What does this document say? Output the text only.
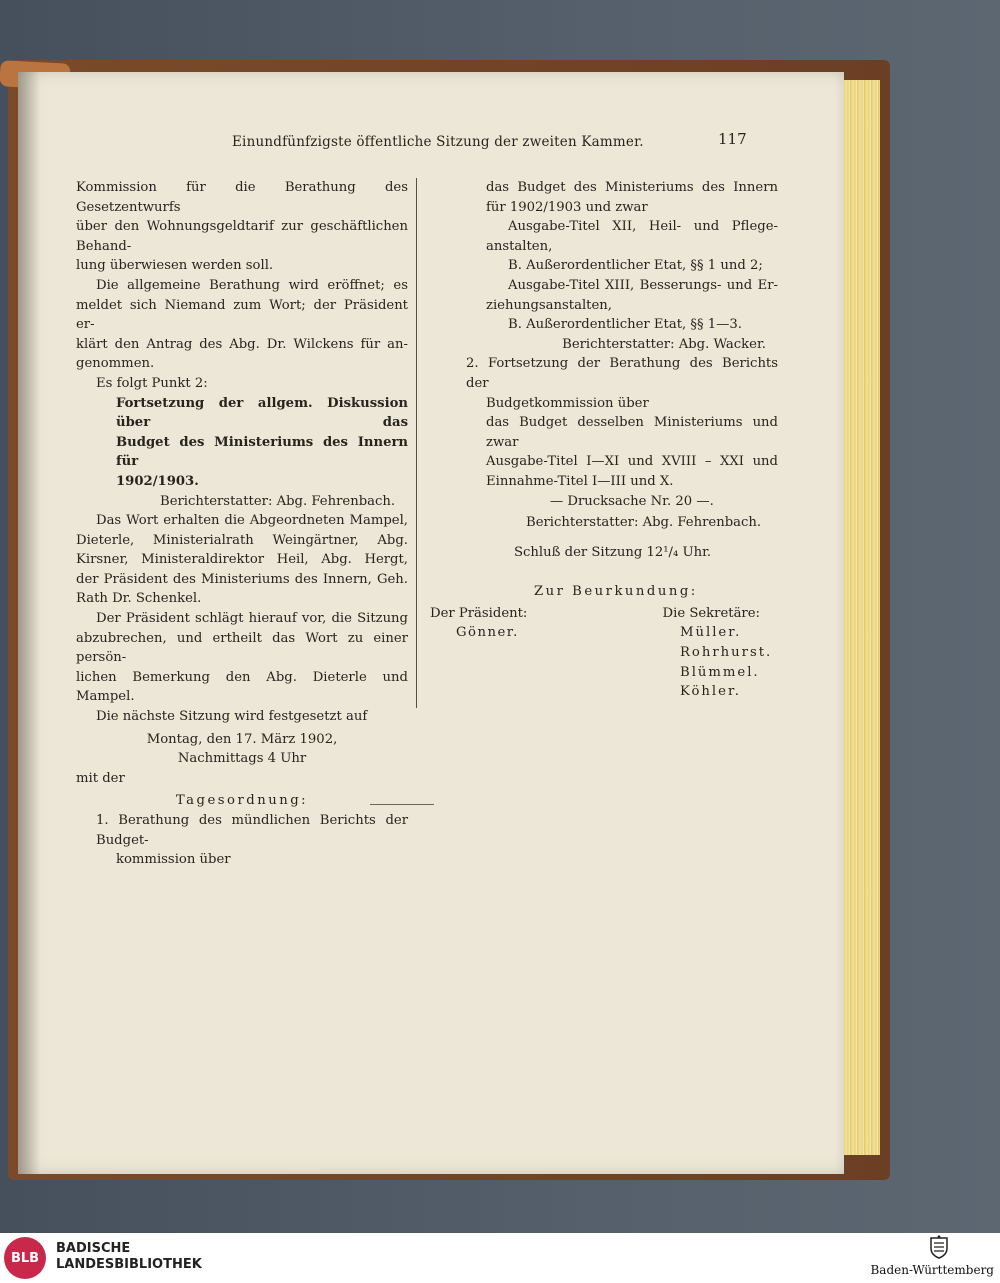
Einundfünfzigste öffentliche Sitzung der zweiten Kammer.	117
Kommission für die Berathung des Gesetzentwurfs
über den Wohnungsgeldtarif zur geschäftlichen Behand-
lung überwiesen werden soll.
Die allgemeine Berathung wird eröffnet; es
meldet sich Niemand zum Wort; der Präsident er-
klärt den Antrag des Abg. Dr. Wilckens für an-
genommen.
Es folgt Punkt 2:
Fortsetzung der allgem. Diskussion über das
Budget des Ministeriums des Innern für
1902/1903.
Berichterstatter: Abg. Fehrenbach.
Das Wort erhalten die Abgeordneten Mampel,
Dieterle, Ministerialrath Weingärtner, Abg.
Kirsner, Ministeraldirektor Heil, Abg. Hergt,
der Präsident des Ministeriums des Innern, Geh.
Rath Dr. Schenkel.
Der Präsident schlägt hierauf vor, die Sitzung
abzubrechen, und ertheilt das Wort zu einer persön-
lichen Bemerkung den Abg. Dieterle und Mampel.
Die nächste Sitzung wird festgesetzt auf
Montag, den 17. März 1902,
Nachmittags 4 Uhr
mit der
Tagesordnung:
1. Berathung des mündlichen Berichts der Budget-
kommission über
das Budget des Ministeriums des Innern
für 1902/1903 und zwar
Ausgabe-Titel XII, Heil- und Pflege-
anstalten,
B. Außerordentlicher Etat, §§ 1 und 2;
Ausgabe-Titel XIII, Besserungs- und Er-
ziehungsanstalten,
B. Außerordentlicher Etat, §§ 1—3.
Berichterstatter: Abg. Wacker.
2. Fortsetzung der Berathung des Berichts der
Budgetkommission über
das Budget desselben Ministeriums und
zwar
Ausgabe-Titel I—XI und XVIII – XXI und
Einnahme-Titel I—III und X.
— Drucksache Nr. 20 —.
Berichterstatter: Abg. Fehrenbach.
Schluß der Sitzung 12¹/₄ Uhr.
Zur Beurkundung:
Der Präsident:	Die Sekretäre:
Gönner.	Müller.
Rohrhurst.
Blümmel.
Köhler.
BLB
BADISCHE
LANDESBIBLIOTHEK	Baden-Württemberg
